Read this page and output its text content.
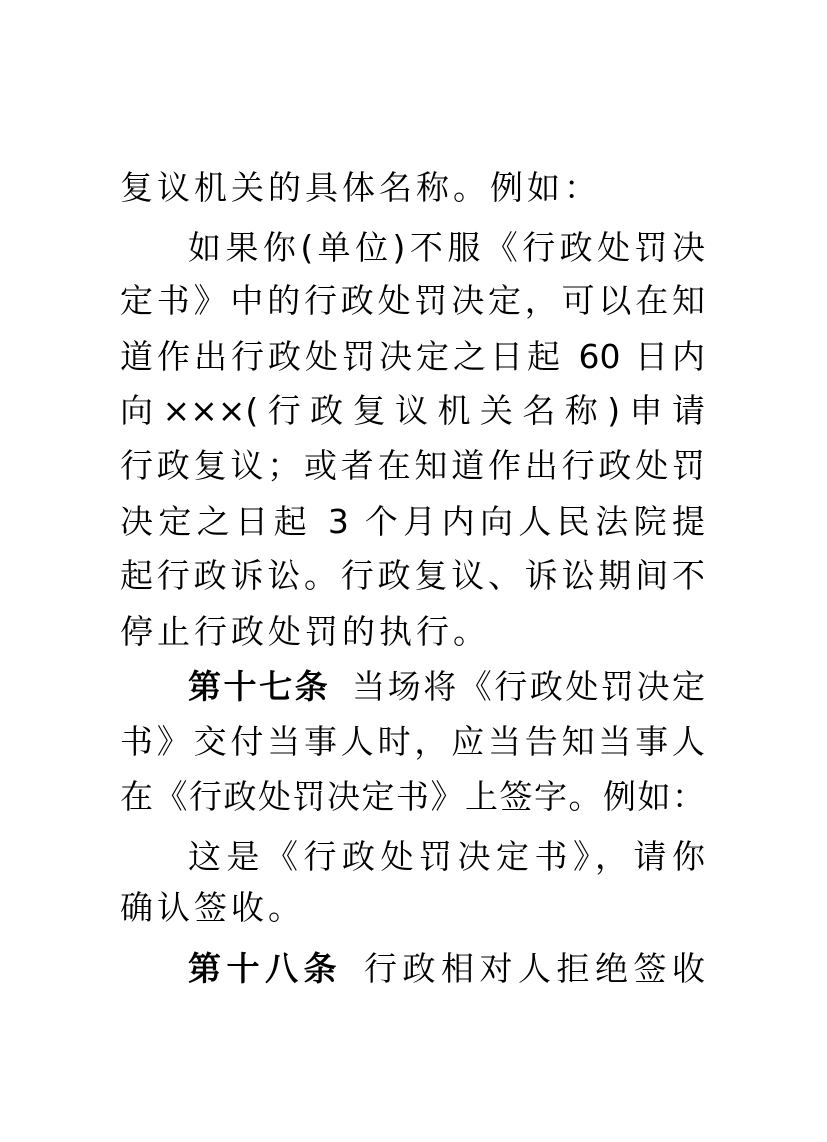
复议机关的具体名称。例如：
如果你(单位)不服《行政处罚决
定书》中的行政处罚决定，可以在知
道作出行政处罚决定之日起 60 日内
向×××(行政复议机关名称)申请
行政复议；或者在知道作出行政处罚
决定之日起 3 个月内向人民法院提
起行政诉讼。行政复议、诉讼期间不
停止行政处罚的执行。
第十七条 当场将《行政处罚决定
书》交付当事人时，应当告知当事人
在《行政处罚决定书》上签字。例如：
这是《行政处罚决定书》，请你
确认签收。
第十八条 行政相对人拒绝签收
